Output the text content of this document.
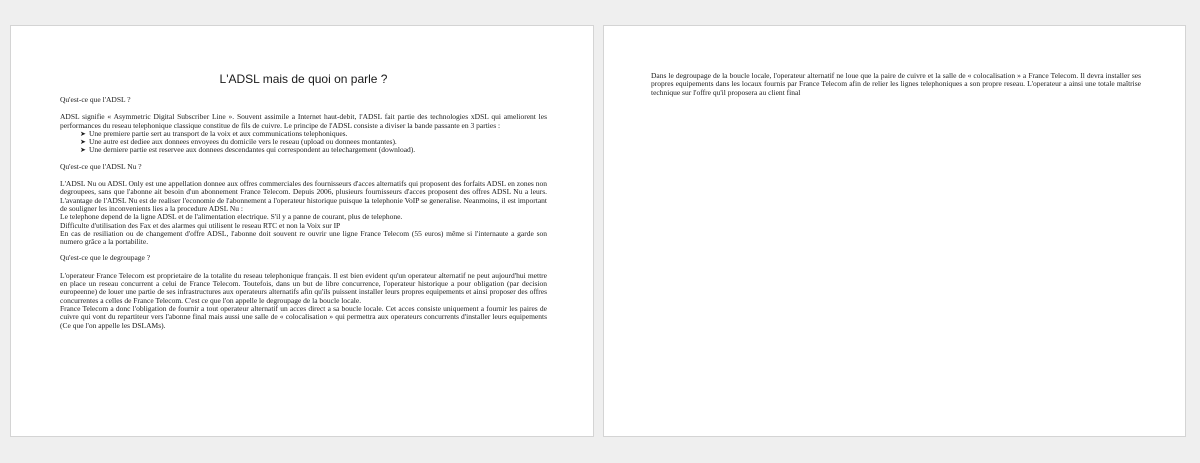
L'ADSL mais de quoi on parle ?

Qu'est-ce que l'ADSL ?

ADSL signifie « Asymmetric Digital Subscriber Line ». Souvent assimile a Internet haut-debit, l'ADSL fait partie des technologies xDSL qui ameliorent les performances du reseau telephonique classique constitue de fils de cuivre. Le principe de l'ADSL consiste a diviser la bande passante en 3 parties :

➤ Une premiere partie sert au transport de la voix et aux communications telephoniques.
➤ Une autre est dediee aux donnees envoyees du domicile vers le reseau (upload ou donnees montantes).
➤ Une derniere partie est reservee aux donnees descendantes qui correspondent au telechargement (download).

Qu'est-ce que l'ADSL Nu ?

L'ADSL Nu ou ADSL Only est une appellation donnee aux offres commerciales des fournisseurs d'acces alternatifs qui proposent des forfaits ADSL en zones non degroupees, sans que l'abonne ait besoin d'un abonnement France Telecom. Depuis 2006, plusieurs fournisseurs d'acces proposent des offres ADSL Nu a leurs. L'avantage de l'ADSL Nu est de realiser l'economie de l'abonnement a l'operateur historique puisque la telephonie VoIP se generalise. Neanmoins, il est important de souligner les inconvenients lies a la procedure ADSL Nu :

Le telephone depend de la ligne ADSL et de l'alimentation electrique. S'il y a panne de courant, plus de telephone.
Difficulte d'utilisation des Fax et des alarmes qui utilisent le reseau RTC et non la Voix sur IP

En cas de resiliation ou de changement d'offre ADSL, l'abonne doit souvent re ouvrir une ligne France Telecom (55 euros) même si l'internaute a garde son numero grâce a la portabilite.

Qu'est-ce que le degroupage ?

L'operateur France Telecom est proprietaire de la totalite du reseau telephonique français. Il est bien evident qu'un operateur alternatif ne peut aujourd'hui mettre en place un reseau concurrent a celui de France Telecom. Toutefois, dans un but de libre concurrence, l'operateur historique a pour obligation (par decision europeenne) de louer une partie de ses infrastructures aux operateurs alternatifs afin qu'ils puissent installer leurs propres equipements et ainsi proposer des offres concurrentes a celles de France Telecom. C'est ce que l'on appelle le degroupage de la boucle locale.

France Telecom a donc l'obligation de fournir a tout operateur alternatif un acces direct a sa boucle locale. Cet acces consiste uniquement a fournir les paires de cuivre qui vont du repartiteur vers l'abonne final mais aussi une salle de « colocalisation » qui permettra aux operateurs concurrents d'installer leurs equipements (Ce que l'on appelle les DSLAMs).

Dans le degroupage de la boucle locale, l'operateur alternatif ne loue que la paire de cuivre et la salle de « colocalisation » a France Telecom. Il devra installer ses propres equipements dans les locaux fournis par France Telecom afin de relier les lignes telephoniques a son propre reseau. L'operateur a ainsi une totale maîtrise technique sur l'offre qu'il proposera au client final
